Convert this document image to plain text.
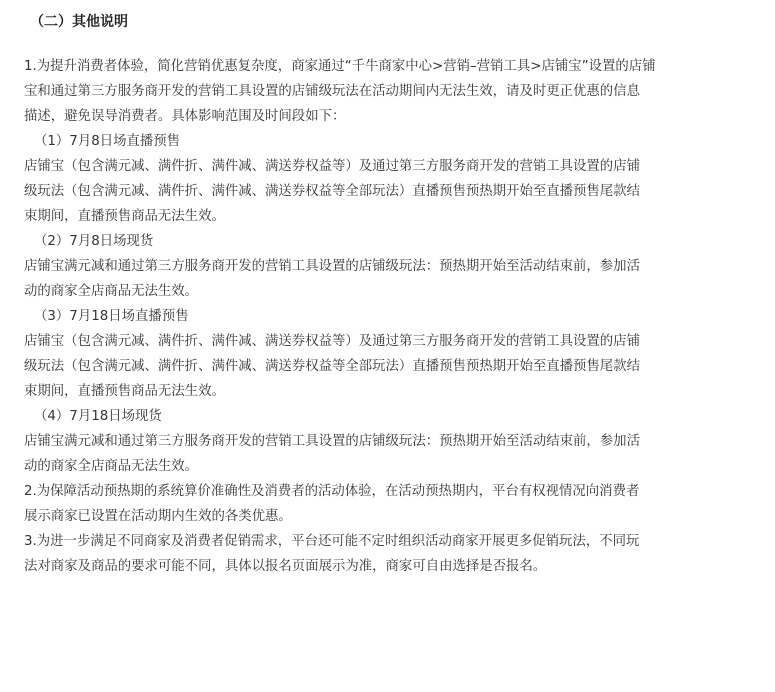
（二）其他说明
1.为提升消费者体验，简化营销优惠复杂度，商家通过“千牛商家中心>营销–营销工具>店铺宝”设置的店铺
宝和通过第三方服务商开发的营销工具设置的店铺级玩法在活动期间内无法生效，请及时更正优惠的信息
描述，避免误导消费者。具体影响范围及时间段如下：
（1）7月8日场直播预售
店铺宝（包含满元减、满件折、满件减、满送券权益等）及通过第三方服务商开发的营销工具设置的店铺
级玩法（包含满元减、满件折、满件减、满送券权益等全部玩法）直播预售预热期开始至直播预售尾款结
束期间，直播预售商品无法生效。
（2）7月8日场现货
店铺宝满元减和通过第三方服务商开发的营销工具设置的店铺级玩法：预热期开始至活动结束前，参加活
动的商家全店商品无法生效。
（3）7月18日场直播预售
店铺宝（包含满元减、满件折、满件减、满送券权益等）及通过第三方服务商开发的营销工具设置的店铺
级玩法（包含满元减、满件折、满件减、满送券权益等全部玩法）直播预售预热期开始至直播预售尾款结
束期间，直播预售商品无法生效。
（4）7月18日场现货
店铺宝满元减和通过第三方服务商开发的营销工具设置的店铺级玩法：预热期开始至活动结束前，参加活
动的商家全店商品无法生效。
2.为保障活动预热期的系统算价准确性及消费者的活动体验，在活动预热期内，平台有权视情况向消费者
展示商家已设置在活动期内生效的各类优惠。
3.为进一步满足不同商家及消费者促销需求，平台还可能不定时组织活动商家开展更多促销玩法，不同玩
法对商家及商品的要求可能不同，具体以报名页面展示为准，商家可自由选择是否报名。
